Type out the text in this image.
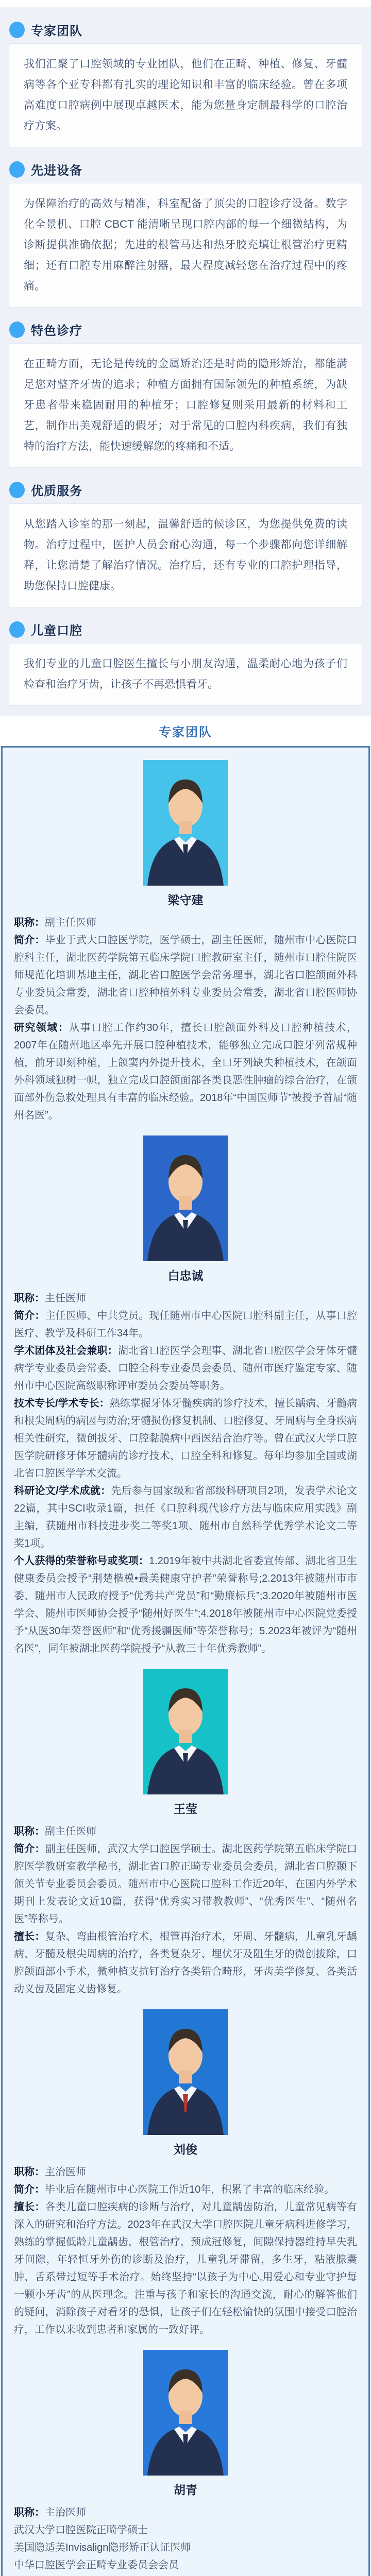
专家团队

我们汇聚了口腔领域的专业团队，他们在正畸、种植、修复、牙髓病等各个亚专科都有扎实的理论知识和丰富的临床经验。曾在多项高难度口腔病例中展现卓越医术，能为您量身定制最科学的口腔治疗方案。

先进设备

为保障治疗的高效与精准，科室配备了顶尖的口腔诊疗设备。数字化全景机、口腔 CBCT 能清晰呈现口腔内部的每一个细微结构，为诊断提供准确依据；先进的根管马达和热牙胶充填让根管治疗更精细；还有口腔专用麻醉注射器，最大程度减轻您在治疗过程中的疼痛。

特色诊疗

在正畸方面，无论是传统的金属矫治还是时尚的隐形矫治，都能满足您对整齐牙齿的追求；种植方面拥有国际领先的种植系统，为缺牙患者带来稳固耐用的种植牙；口腔修复则采用最新的材料和工艺，制作出美观舒适的假牙；对于常见的口腔内科疾病，我们有独特的治疗方法，能快速缓解您的疼痛和不适。

优质服务

从您踏入诊室的那一刻起，温馨舒适的候诊区，为您提供免费的读物。治疗过程中，医护人员会耐心沟通，每一个步骤都向您详细解释，让您清楚了解治疗情况。治疗后，还有专业的口腔护理指导，助您保持口腔健康。

儿童口腔

我们专业的儿童口腔医生擅长与小朋友沟通，温柔耐心地为孩子们检查和治疗牙齿，让孩子不再恐惧看牙。

专家团队
梁守建

职称：副主任医师

简介：毕业于武大口腔医学院，医学硕士，副主任医师，随州市中心医院口腔科主任，湖北医药学院第五临床学院口腔教研室主任，随州市口腔住院医师规范化培训基地主任，湖北省口腔医学会常务理事，湖北省口腔颌面外科专业委员会常委，湖北省口腔种植外科专业委员会常委，湖北省口腔医师协会委员。

研究领域：从事口腔工作约30年，擅长口腔颌面外科及口腔种植技术，2007年在随州地区率先开展口腔种植技术，能够独立完成口腔牙列常规种植，前牙即刻种植，上颌窦内外提升技术，全口牙列缺失种植技术，在颌面外科领域独树一帜，独立完成口腔颌面部各类良恶性肿瘤的综合治疗，在颌面部外伤急救处理具有丰富的临床经验。2018年“中国医师节”被授予首届“随州名医”。

白忠诚

职称：主任医师

简介：主任医师、中共党员。现任随州市中心医院口腔科副主任，从事口腔医疗、教学及科研工作34年。

学术团体及社会兼职：湖北省口腔医学会理事、湖北省口腔医学会牙体牙髓病学专业委员会常委、口腔全科专业委员会委员、随州市医疗鉴定专家、随州市中心医院高级职称评审委员会委员等职务。

技术专长/学术专长：熟练掌握牙体牙髓疾病的诊疗技术，擅长龋病、牙髓病和根尖周病的病因与防治;牙髓损伤修复机制、口腔修复、牙周病与全身疾病相关性研究，微创拔牙、口腔黏膜病中西医结合治疗等。曾在武汉大学口腔医学院研修牙体牙髓病的诊疗技术、口腔全科和修复。每年均参加全国或湖北省口腔医学学术交流。

科研论文/学术成就：先后参与国家级和省部级科研项目2项，发表学术论文22篇，其中SCI收录1篇，担任《口腔科现代诊疗方法与临床应用实践》副主编，获随州市科技进步奖二等奖1项、随州市自然科学优秀学术论文二等奖1项。

个人获得的荣誉称号或奖项：1.2019年被中共湖北省委宣传部、湖北省卫生健康委员会授予“荆楚楷模•最美健康守护者”荣誉称号;2.2013年被随州市市委、随州市人民政府授予“优秀共产党员”和“勤廉标兵”;3.2020年被随州市医学会、随州市医师协会授予“随州好医生”;4.2018年被随州市中心医院党委授予“从医30年荣誉医师”和“优秀援疆医师”等荣誉称号；5.2023年被评为“随州名医”，同年被湖北医药学院授予“从教三十年优秀教师”。

王莹

职称：副主任医师

简介：副主任医师，武汉大学口腔医学硕士。湖北医药学院第五临床学院口腔医学教研室教学秘书，湖北省口腔正畸专业委员会委员，湖北省口腔颞下颌关节专业委员会委员。随州市中心医院口腔科工作近20年，在国内外学术期刊上发表论文近10篇，获得“优秀实习带教教师”、“优秀医生”、“随州名医”等称号。

擅长：复杂、弯曲根管治疗术，根管再治疗术，牙周、牙髓病，儿童乳牙龋病、牙髓及根尖周病的治疗，各类复杂牙、埋伏牙及阻生牙的微创拔除，口腔颌面部小手术，微种植支抗钉治疗各类错合畸形，牙齿美学修复、各类活动义齿及固定义齿修复。

刘俊

职称：主治医师

简介：毕业后在随州市中心医院工作近10年，积累了丰富的临床经验。

擅长：各类儿童口腔疾病的诊断与治疗，对儿童龋齿防治，儿童常见病等有深入的研究和治疗方法。2023年在武汉大学口腔医院儿童牙病科进修学习，熟练的掌握低龄儿童龋齿，根管治疗，预成冠修复，间隙保持器维持早失乳牙间隙，年轻恒牙外伤的诊断及治疗，儿童乳牙滞留，多生牙，粘液腺囊肿，舌系带过短等手术治疗。始终坚持“以孩子为中心,用爱心和专业守护每一颗小牙齿”的从医理念。注重与孩子和家长的沟通交流，耐心的解答他们的疑问，消除孩子对看牙的恐惧，让孩子们在轻松愉快的氛围中接受口腔治疗，工作以来收到患者和家属的一致好评。

胡青

职称：主治医师

武汉大学口腔医院正畸学硕士

美国隐适美Invisalign隐形矫正认证医师

中华口腔医学会正畸专业委员会会员
